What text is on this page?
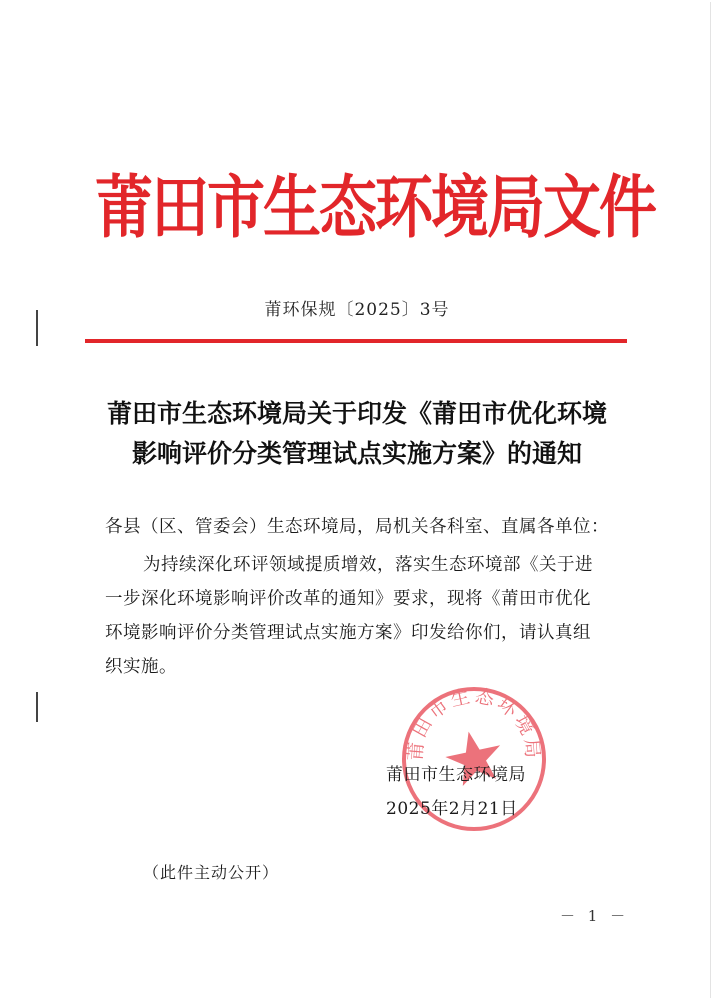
莆田市生态环境局文件
莆环保规〔2025〕3号
莆田市生态环境局关于印发《莆田市优化环境
影响评价分类管理试点实施方案》的通知
各县（区、管委会）生态环境局，局机关各科室、直属各单位：
为持续深化环评领域提质增效，落实生态环境部《关于进
一步深化环境影响评价改革的通知》要求，现将《莆田市优化
环境影响评价分类管理试点实施方案》印发给你们，请认真组
织实施。
莆田市生态环境局
莆田市生态环境局
2025年2月21日
（此件主动公开）
－ 1 －
